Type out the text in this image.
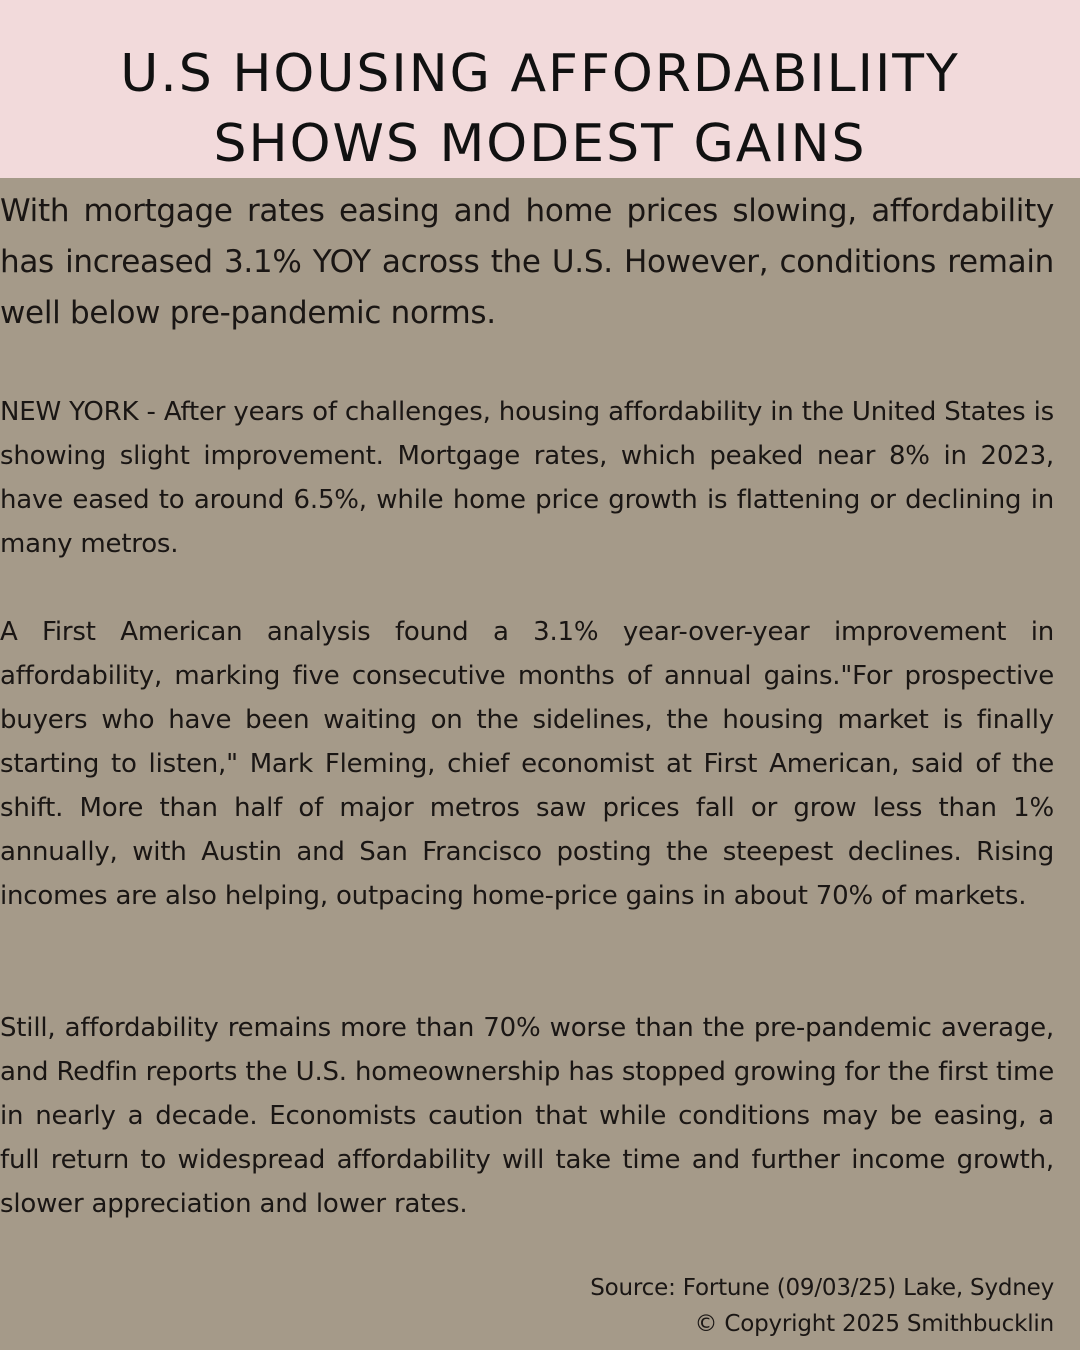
U.S HOUSING AFFORDABILIITY
SHOWS MODEST GAINS

With mortgage rates easing and home prices slowing, affordability has increased 3.1% YOY across the U.S. However, conditions remain well below pre-pandemic norms.

NEW YORK - After years of challenges, housing affordability in the United States is showing slight improvement. Mortgage rates, which peaked near 8% in 2023, have eased to around 6.5%, while home price growth is flattening or declining in many metros.

A First American analysis found a 3.1% year-over-year improvement in affordability, marking five consecutive months of annual gains."For prospective buyers who have been waiting on the sidelines, the housing market is finally starting to listen," Mark Fleming, chief economist at First American, said of the shift. More than half of major metros saw prices fall or grow less than 1% annually, with Austin and San Francisco posting the steepest declines. Rising incomes are also helping, outpacing home-price gains in about 70% of markets.

Still, affordability remains more than 70% worse than the pre-pandemic average, and Redfin reports the U.S. homeownership has stopped growing for the first time in nearly a decade. Economists caution that while conditions may be easing, a full return to widespread affordability will take time and further income growth, slower appreciation and lower rates.

Source: Fortune (09/03/25) Lake, Sydney
© Copyright 2025 Smithbucklin
